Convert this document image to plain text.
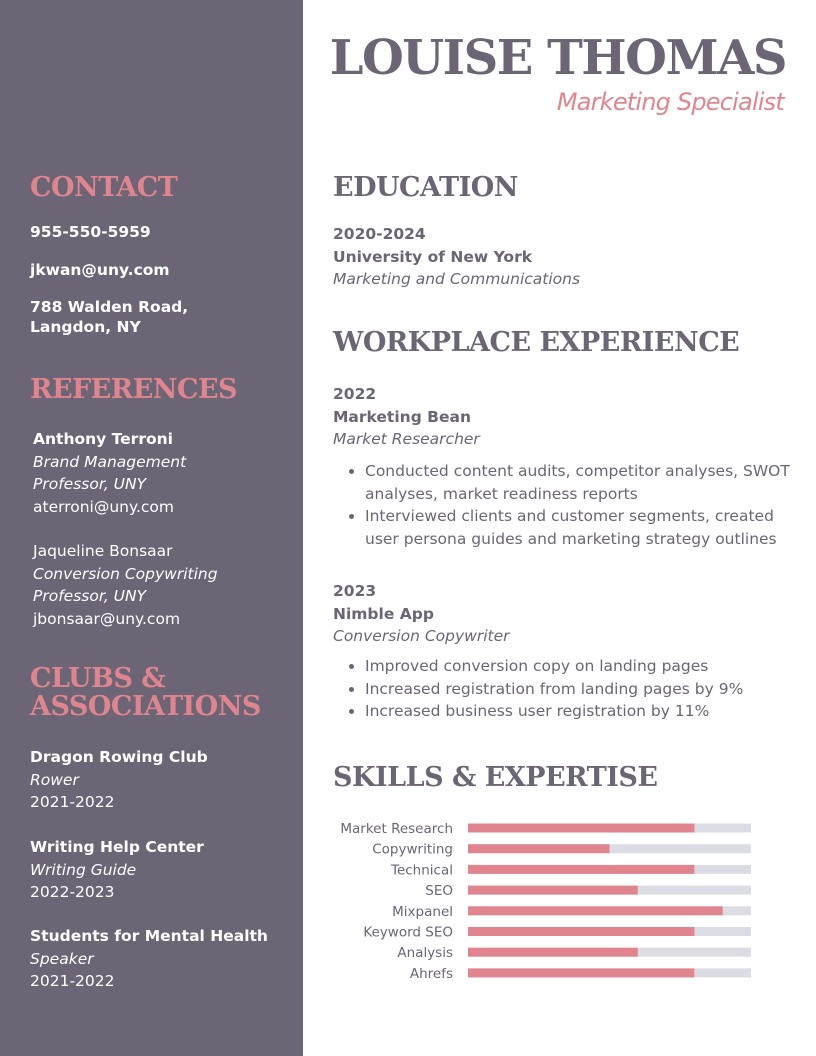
CONTACT
955-550-5959
jkwan@uny.com
788 Walden Road,
Langdon, NY
REFERENCES
Anthony Terroni
Brand Management
Professor, UNY
aterroni@uny.com
Jaqueline Bonsaar
Conversion Copywriting
Professor, UNY
jbonsaar@uny.com
CLUBS &
ASSOCIATIONS
Dragon Rowing Club
Rower
2021-2022
Writing Help Center
Writing Guide
2022-2023
Students for Mental Health
Speaker
2021-2022
LOUISE THOMAS
Marketing Specialist
EDUCATION
2020-2024
University of New York
Marketing and Communications
WORKPLACE EXPERIENCE
2022
Marketing Bean
Market Researcher
• Conducted content audits, competitor analyses, SWOT analyses, market readiness reports
• Interviewed clients and customer segments, created user persona guides and marketing strategy outlines
2023
Nimble App
Conversion Copywriter
• Improved conversion copy on landing pages
• Increased registration from landing pages by 9%
• Increased business user registration by 11%
SKILLS & EXPERTISE
Market Research
Copywriting
Technical
SEO
Mixpanel
Keyword SEO
Analysis
Ahrefs
